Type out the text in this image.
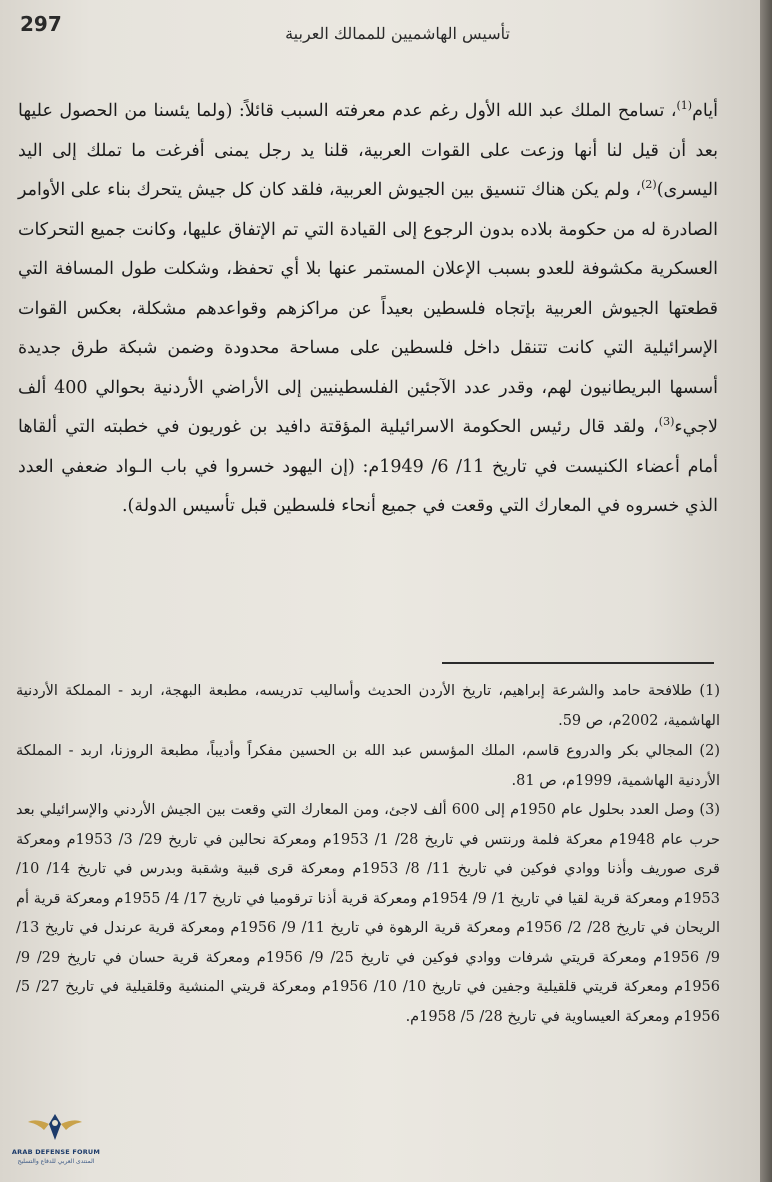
297	تأسيس الهاشميين للممالك العربية

أيام$^{(1)}$، تسامح الملك عبد الله الأول رغم عدم معرفته السبب قائلاً: (ولما يئسنا من الحصول عليها بعد أن قيل لنا أنها وزعت على القوات العربية، قلنا يد رجل يمنى أفرغت ما تملك إلى اليد اليسرى)$^{(2)}$، ولم يكن هناك تنسيق بين الجيوش العربية، فلقد كان كل جيش يتحرك بناء على الأوامر الصادرة له من حكومة بلاده بدون الرجوع إلى القيادة التي تم الإتفاق عليها، وكانت جميع التحركات العسكرية مكشوفة للعدو بسبب الإعلان المستمر عنها بلا أي تحفظ، وشكلت طول المسافة التي قطعتها الجيوش العربية بإتجاه فلسطين بعيداً عن مراكزهم وقواعدهم مشكلة، بعكس القوات الإسرائيلية التي كانت تتنقل داخل فلسطين على مساحة محدودة وضمن شبكة طرق جديدة أسسها البريطانيون لهم، وقدر عدد الآجئين الفلسطينيين إلى الأراضي الأردنية بحوالي 400 ألف لاجيء$^{(3)}$، ولقد قال رئيس الحكومة الاسرائيلية المؤقتة دافيد بن غوريون في خطبته التي ألقاها أمام أعضاء الكنيست في تاريخ 11/ 6/ 1949م: (إن اليهود خسروا في باب الـواد ضعفي العدد الذي خسروه في المعارك التي وقعت في جميع أنحاء فلسطين قبل تأسيس الدولة).

(1) طلافحة حامد والشرعة إبراهيم، تاريخ الأردن الحديث وأساليب تدريسه، مطبعة البهجة، اربد - المملكة الأردنية الهاشمية، 2002م، ص 59.

(2) المجالي بكر والدروع قاسم، الملك المؤسس عبد الله بن الحسين مفكراً وأديباً، مطبعة الروزنا، اربد - المملكة الأردنية الهاشمية، 1999م، ص 81.

(3) وصل العدد بحلول عام 1950م إلى 600 ألف لاجئ، ومن المعارك التي وقعت بين الجيش الأردني والإسرائيلي بعد حرب عام 1948م معركة فلمة ورنتس في تاريخ 28/ 1/ 1953م ومعركة نحالين في تاريخ 29/ 3/ 1953م ومعركة قرى صوريف وأذنا ووادي فوكين في تاريخ 11/ 8/ 1953م ومعركة قرى قبية وشقبة وبدرس في تاريخ 14/ 10/ 1953م ومعركة قرية لقيا في تاريخ 1/ 9/ 1954م ومعركة قرية أذنا ترقوميا في تاريخ 17/ 4/ 1955م ومعركة قرية أم الريحان في تاريخ 28/ 2/ 1956م ومعركة قرية الرهوة في تاريخ 11/ 9/ 1956م ومعركة قرية عرندل في تاريخ 13/ 9/ 1956م ومعركة قريتي شرفات ووادي فوكين في تاريخ 25/ 9/ 1956م ومعركة قرية حسان في تاريخ 29/ 9/ 1956م ومعركة قريتي قلقيلية وجفين في تاريخ 10/ 10/ 1956م ومعركة قريتي المنشية وقلقيلية في تاريخ 27/ 5/ 1956م ومعركة العيساوية في تاريخ 28/ 5/ 1958م.

ARAB DEFENSE FORUM
المنتدى العربي للدفاع والتسليح
